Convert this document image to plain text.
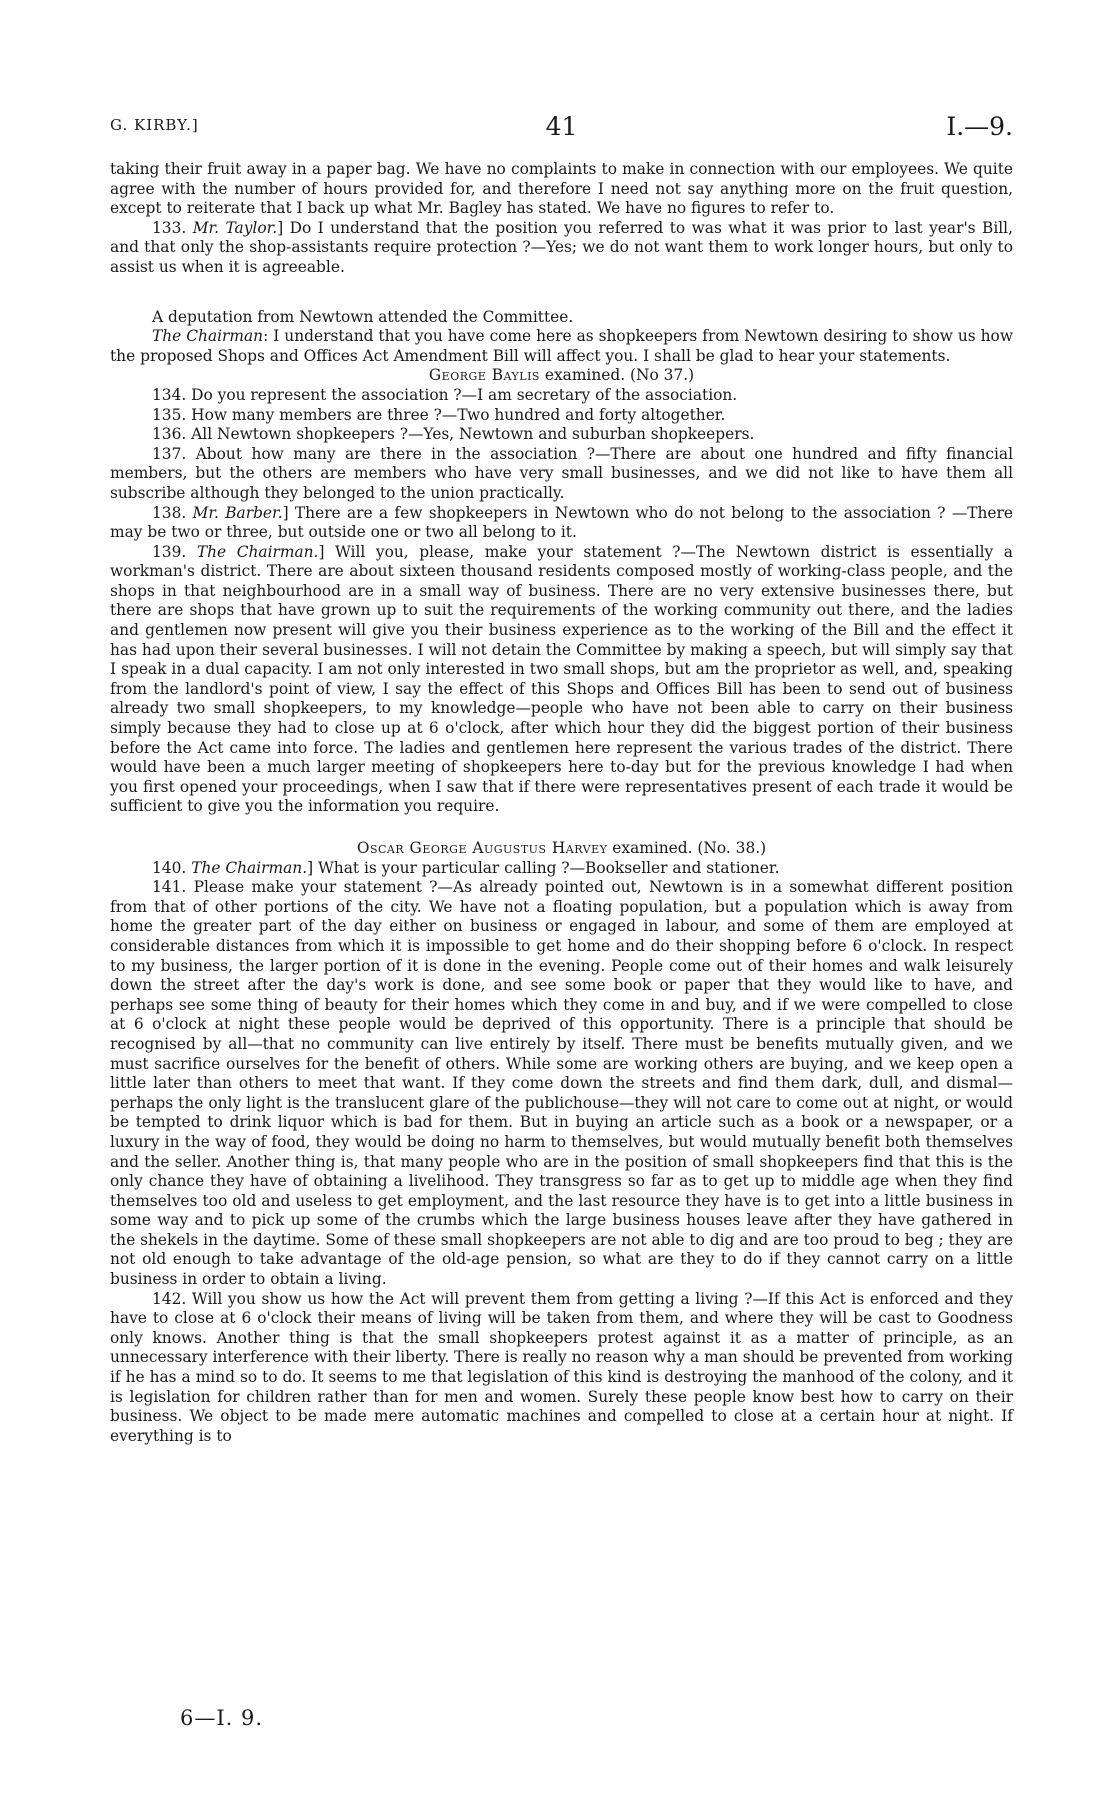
G. KIRBY.]	41	I.—9.

taking their fruit away in a paper bag. We have no complaints to make in connection with our employees. We quite agree with the number of hours provided for, and therefore I need not say anything more on the fruit question, except to reiterate that I back up what Mr. Bagley has stated. We have no figures to refer to.

133. Mr. Taylor.] Do I understand that the position you referred to was what it was prior to last year's Bill, and that only the shop-assistants require protection ?—Yes; we do not want them to work longer hours, but only to assist us when it is agreeable.

A deputation from Newtown attended the Committee.

The Chairman: I understand that you have come here as shopkeepers from Newtown desiring to show us how the proposed Shops and Offices Act Amendment Bill will affect you. I shall be glad to hear your statements.

George Baylis examined. (No 37.)

134. Do you represent the association ?—I am secretary of the association.

135. How many members are three ?—Two hundred and forty altogether.

136. All Newtown shopkeepers ?—Yes, Newtown and suburban shopkeepers.

137. About how many are there in the association ?—There are about one hundred and fifty financial members, but the others are members who have very small businesses, and we did not like to have them all subscribe although they belonged to the union practically.

138. Mr. Barber.] There are a few shopkeepers in Newtown who do not belong to the association ? —There may be two or three, but outside one or two all belong to it.

139. The Chairman.] Will you, please, make your statement ?—The Newtown district is essentially a workman's district. There are about sixteen thousand residents composed mostly of working-class people, and the shops in that neighbourhood are in a small way of business. There are no very extensive businesses there, but there are shops that have grown up to suit the requirements of the working community out there, and the ladies and gentlemen now present will give you their business experience as to the working of the Bill and the effect it has had upon their several businesses. I will not detain the Committee by making a speech, but will simply say that I speak in a dual capacity. I am not only interested in two small shops, but am the proprietor as well, and, speaking from the landlord's point of view, I say the effect of this Shops and Offices Bill has been to send out of business already two small shopkeepers, to my knowledge—people who have not been able to carry on their business simply because they had to close up at 6 o'clock, after which hour they did the biggest portion of their business before the Act came into force. The ladies and gentlemen here represent the various trades of the district. There would have been a much larger meeting of shopkeepers here to-day but for the previous knowledge I had when you first opened your proceedings, when I saw that if there were representatives present of each trade it would be sufficient to give you the information you require.

Oscar George Augustus Harvey examined. (No. 38.)

140. The Chairman.] What is your particular calling ?—Bookseller and stationer.

141. Please make your statement ?—As already pointed out, Newtown is in a somewhat different position from that of other portions of the city. We have not a floating population, but a population which is away from home the greater part of the day either on business or engaged in labour, and some of them are employed at considerable distances from which it is impossible to get home and do their shopping before 6 o'clock. In respect to my business, the larger portion of it is done in the evening. People come out of their homes and walk leisurely down the street after the day's work is done, and see some book or paper that they would like to have, and perhaps see some thing of beauty for their homes which they come in and buy, and if we were compelled to close at 6 o'clock at night these people would be deprived of this opportunity. There is a principle that should be recognised by all—that no community can live entirely by itself. There must be benefits mutually given, and we must sacrifice ourselves for the benefit of others. While some are working others are buying, and we keep open a little later than others to meet that want. If they come down the streets and find them dark, dull, and dismal—perhaps the only light is the translucent glare of the publichouse—they will not care to come out at night, or would be tempted to drink liquor which is bad for them. But in buying an article such as a book or a newspaper, or a luxury in the way of food, they would be doing no harm to themselves, but would mutually benefit both themselves and the seller. Another thing is, that many people who are in the position of small shopkeepers find that this is the only chance they have of obtaining a livelihood. They transgress so far as to get up to middle age when they find themselves too old and useless to get employment, and the last resource they have is to get into a little business in some way and to pick up some of the crumbs which the large business houses leave after they have gathered in the shekels in the daytime. Some of these small shopkeepers are not able to dig and are too proud to beg ; they are not old enough to take advantage of the old-age pension, so what are they to do if they cannot carry on a little business in order to obtain a living.

142. Will you show us how the Act will prevent them from getting a living ?—If this Act is enforced and they have to close at 6 o'clock their means of living will be taken from them, and where they will be cast to Goodness only knows. Another thing is that the small shopkeepers protest against it as a matter of principle, as an unnecessary interference with their liberty. There is really no reason why a man should be prevented from working if he has a mind so to do. It seems to me that legislation of this kind is destroying the manhood of the colony, and it is legislation for children rather than for men and women. Surely these people know best how to carry on their business. We object to be made mere automatic machines and compelled to close at a certain hour at night. If everything is to

6—I. 9.
